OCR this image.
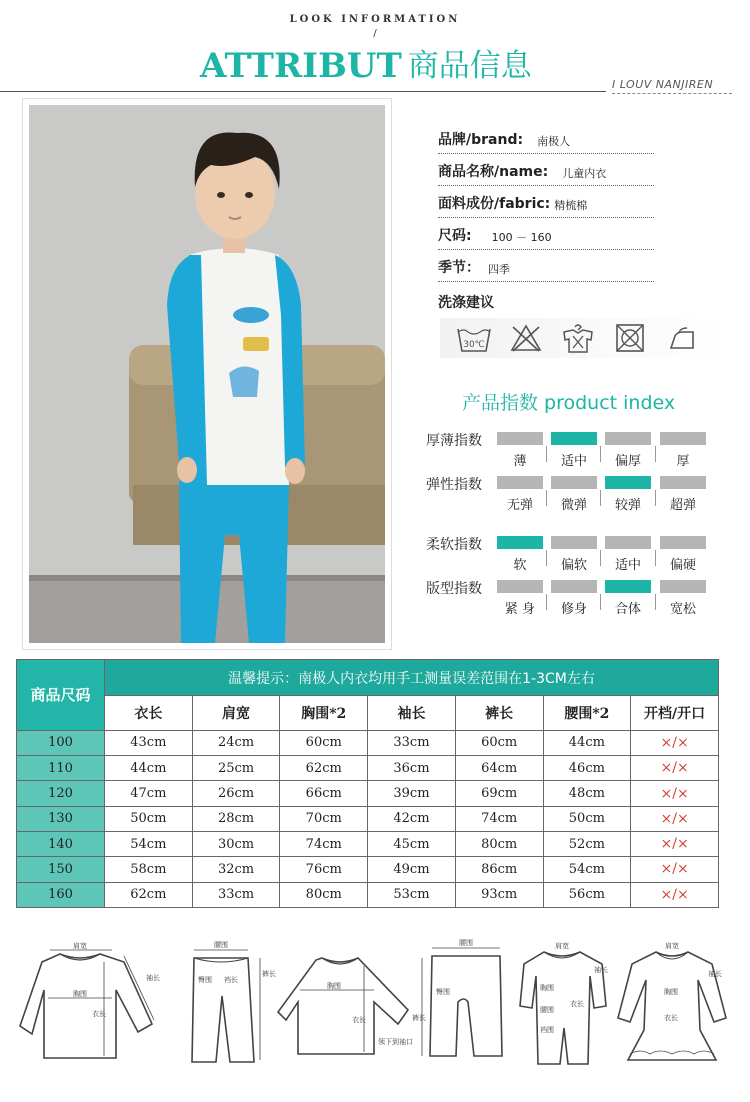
LOOK INFORMATION
/
ATTRIBUT 商品信息
I LOUV NANJIREN
品牌/brand: 南极人
商品名称/name: 儿童内衣
面料成份/fabric: 精梳棉
尺码: 100 － 160
季节： 四季
洗涤建议
30℃
产品指数 product index
厚薄指数
薄	适中	偏厚	厚
弹性指数
无弹	微弹	较弹	超弹
柔软指数
软	偏软	适中	偏硬
版型指数
紧 身	修身	合体	宽松
商品尺码	温馨提示：南极人内衣均用手工测量误差范围在1-3CM左右						
	衣长	肩宽	胸围*2	袖长	裤长	腰围*2	开档/开口
100	43cm	24cm	60cm	33cm	60cm	44cm	×/×
110	44cm	25cm	62cm	36cm	64cm	46cm	×/×
120	47cm	26cm	66cm	39cm	69cm	48cm	×/×
130	50cm	28cm	70cm	42cm	74cm	50cm	×/×
140	54cm	30cm	74cm	45cm	80cm	52cm	×/×
150	58cm	32cm	76cm	49cm	86cm	54cm	×/×
160	62cm	33cm	80cm	53cm	93cm	56cm	×/×
肩宽
袖长
胸围
衣长
腰围
臀围 裆长
裤长
胸围
衣长
领下到袖口
腰围
臀围
裤长
肩宽
袖长
胸围
衣长
腰围
裆围
肩宽
袖长
胸围
衣长
